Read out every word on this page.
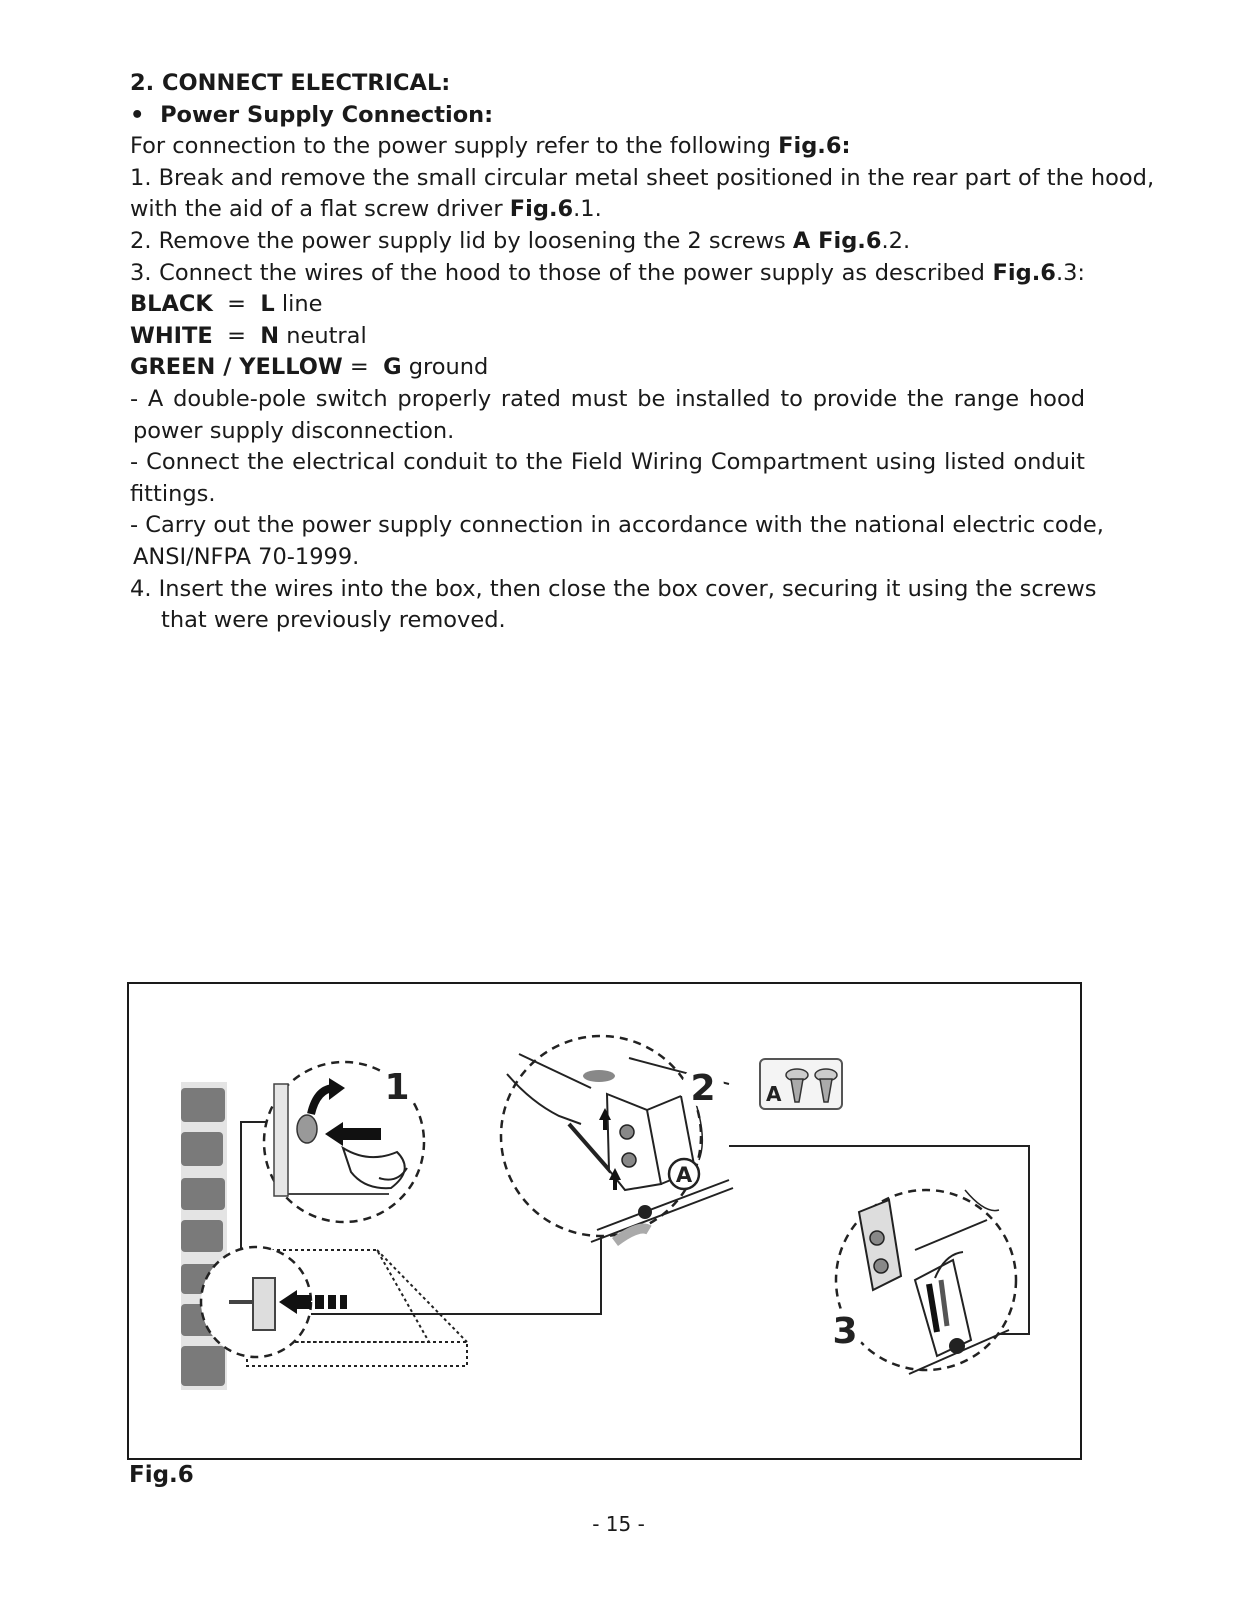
2. CONNECT ELECTRICAL:
•  Power Supply Connection:
For connection to the power supply refer to the following Fig.6:
1. Break and remove the small circular metal sheet positioned in the rear part of the hood,
with the aid of a flat screw driver Fig.6.1.
2. Remove the power supply lid by loosening the 2 screws A Fig.6.2.
3. Connect the wires of the hood to those of the power supply as described Fig.6.3:
BLACK = L line
WHITE = N neutral
GREEN / YELLOW = G ground
- A double-pole switch properly rated must be installed to provide the range hood
power supply disconnection.
- Connect the electrical conduit to the Field Wiring Compartment using listed onduit
fittings.
- Carry out the power supply connection in accordance with the national electric code,
ANSI/NFPA 70-1999.
4. Insert the wires into the box, then close the box cover, securing it using the screws
that were previously removed.
A
A
1	2
3
Fig.6
- 15 -
